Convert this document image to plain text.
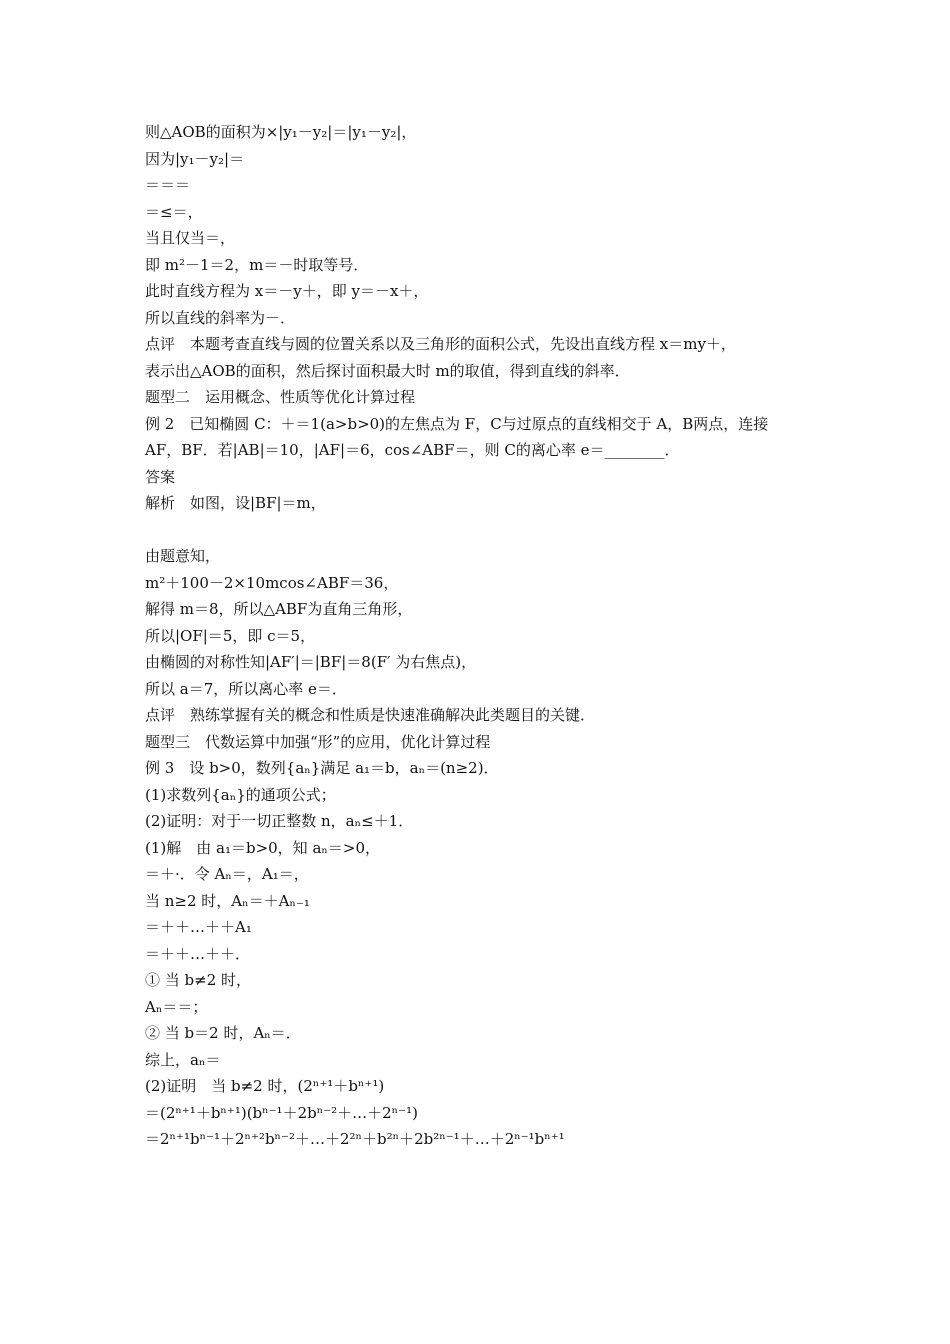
则△AOB的面积为×|y₁－y₂|＝|y₁－y₂|，
因为|y₁－y₂|＝
＝＝＝
＝≤＝，
当且仅当＝，
即 m²－1＝2，m＝－时取等号．
此时直线方程为 x＝－y＋，即 y＝－x＋，
所以直线的斜率为－．
点评　本题考查直线与圆的位置关系以及三角形的面积公式，先设出直线方程 x＝my＋，
表示出△AOB的面积，然后探讨面积最大时 m的取值，得到直线的斜率．
题型二　运用概念、性质等优化计算过程
例 2　已知椭圆 C：＋＝1(a>b>0)的左焦点为 F，C与过原点的直线相交于 A，B两点，连接
AF，BF．若|AB|＝10，|AF|＝6，cos∠ABF＝，则 C的离心率 e＝________．
答案
解析　如图，设|BF|＝m，
由题意知，
m²＋100－2×10mcos∠ABF＝36，
解得 m＝8，所以△ABF为直角三角形，
所以|OF|＝5，即 c＝5，
由椭圆的对称性知|AF′|＝|BF|＝8(F′ 为右焦点)，
所以 a＝7，所以离心率 e＝．
点评　熟练掌握有关的概念和性质是快速准确解决此类题目的关键．
题型三　代数运算中加强“形”的应用，优化计算过程
例 3　设 b>0，数列{aₙ}满足 a₁＝b，aₙ＝(n≥2)．
(1)求数列{aₙ}的通项公式；
(2)证明：对于一切正整数 n，aₙ≤＋1．
(1)解　由 a₁＝b>0，知 aₙ＝>0，
＝＋·．令 Aₙ＝，A₁＝，
当 n≥2 时，Aₙ＝＋Aₙ₋₁
＝＋＋…＋＋A₁
＝＋＋…＋＋．
① 当 b≠2 时，
Aₙ＝＝；
② 当 b＝2 时，Aₙ＝．
综上，aₙ＝
(2)证明　当 b≠2 时，(2ⁿ⁺¹＋bⁿ⁺¹)
＝(2ⁿ⁺¹＋bⁿ⁺¹)(bⁿ⁻¹＋2bⁿ⁻²＋…＋2ⁿ⁻¹)
＝2ⁿ⁺¹bⁿ⁻¹＋2ⁿ⁺²bⁿ⁻²＋…＋2²ⁿ＋b²ⁿ＋2b²ⁿ⁻¹＋…＋2ⁿ⁻¹bⁿ⁺¹
